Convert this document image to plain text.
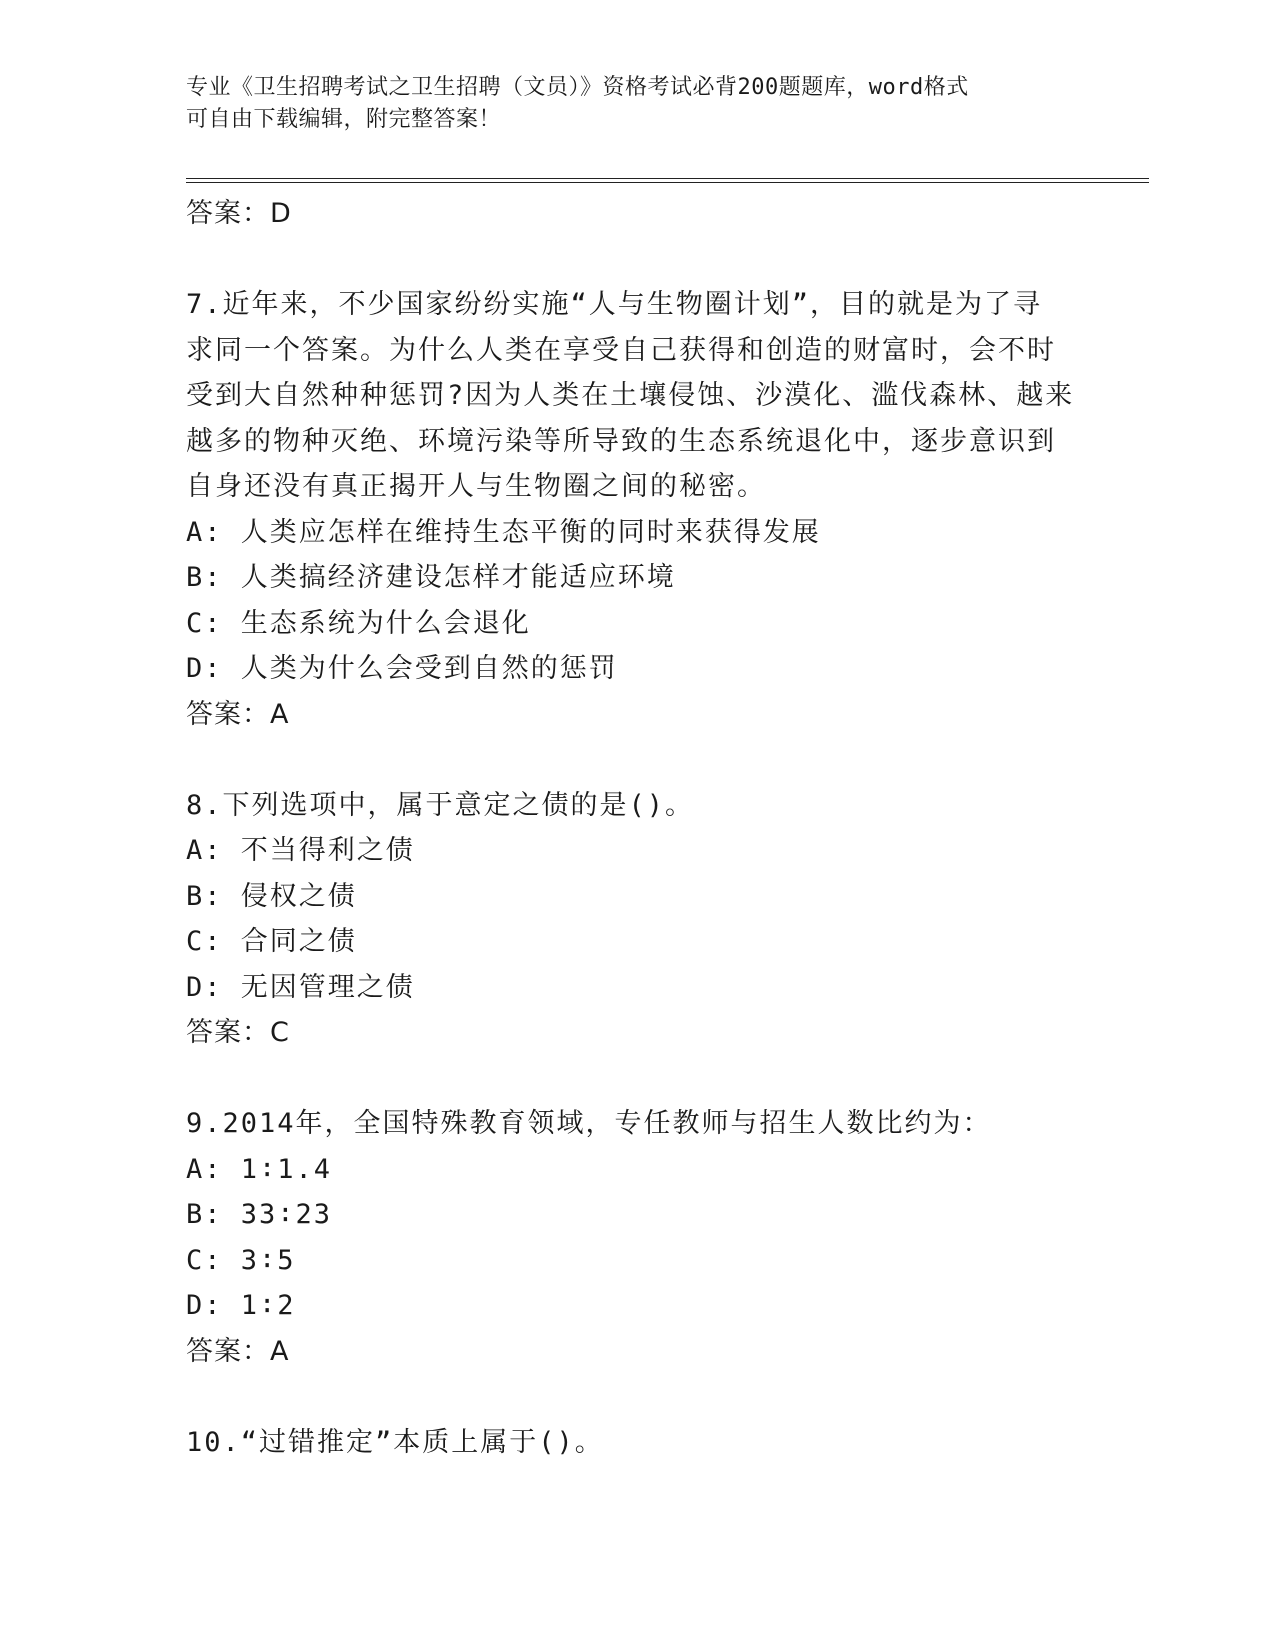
专业《卫生招聘考试之卫生招聘（文员）》资格考试必背200题题库，word格式
可自由下载编辑，附完整答案！
答案：D
7.近年来，不少国家纷纷实施“人与生物圈计划”，目的就是为了寻
求同一个答案。为什么人类在享受自己获得和创造的财富时，会不时
受到大自然种种惩罚?因为人类在土壤侵蚀、沙漠化、滥伐森林、越来
越多的物种灭绝、环境污染等所导致的生态系统退化中，逐步意识到
自身还没有真正揭开人与生物圈之间的秘密。
A: 人类应怎样在维持生态平衡的同时来获得发展
B: 人类搞经济建设怎样才能适应环境
C: 生态系统为什么会退化
D: 人类为什么会受到自然的惩罚
答案：A
8.下列选项中，属于意定之债的是()。
A: 不当得利之债
B: 侵权之债
C: 合同之债
D: 无因管理之债
答案：C
9.2014年，全国特殊教育领域，专任教师与招生人数比约为：
A: 1∶1.4
B: 33∶23
C: 3∶5
D: 1∶2
答案：A
10.“过错推定”本质上属于()。
